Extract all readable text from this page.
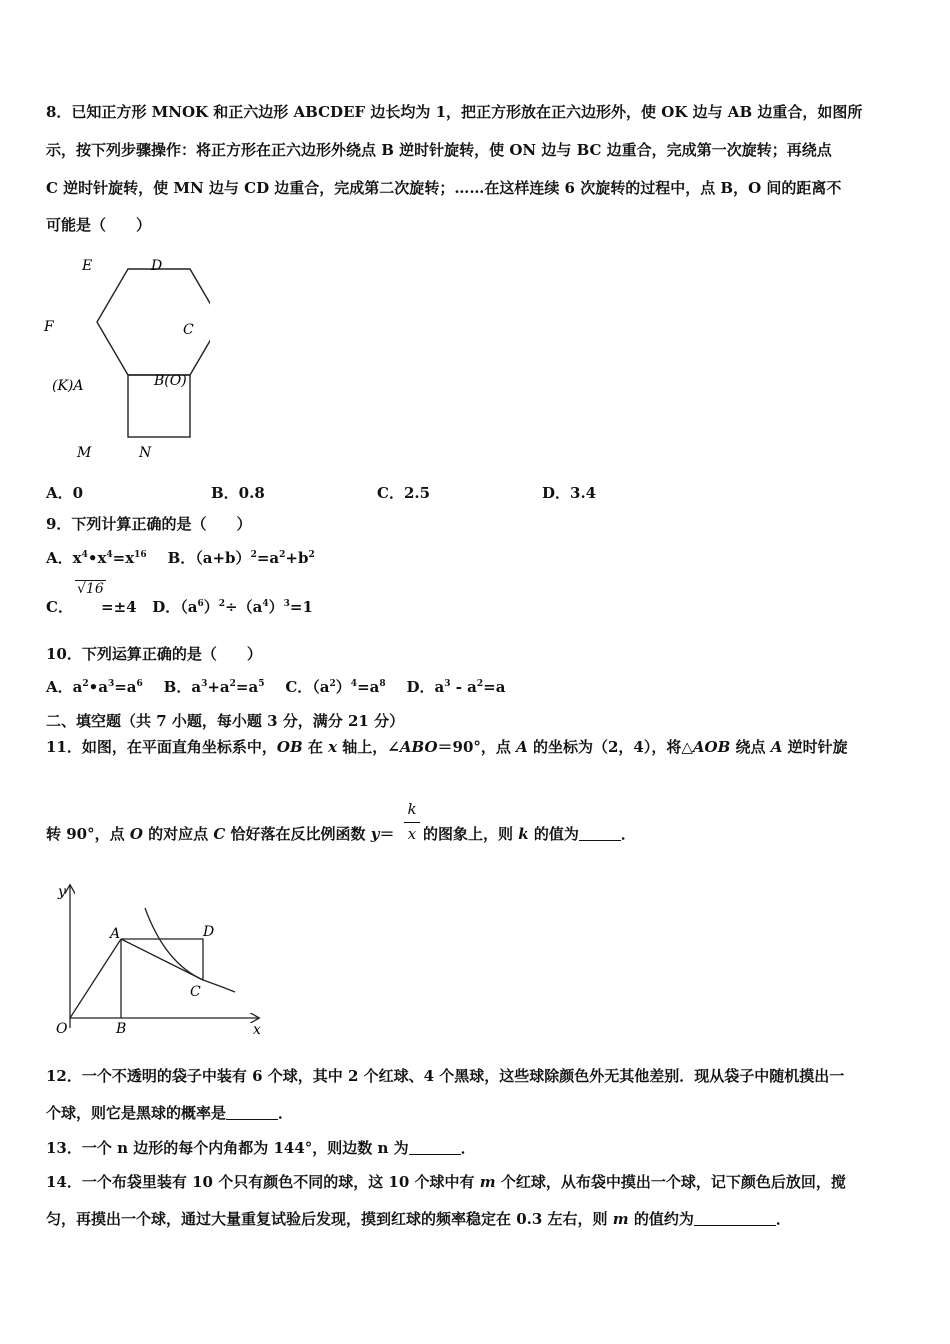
8．已知正方形 MNOK 和正六边形 ABCDEF 边长均为 1，把正方形放在正六边形外，使 OK 边与 AB 边重合，如图所
示，按下列步骤操作：将正方形在正六边形外绕点 B 逆时针旋转，使 ON 边与 BC 边重合，完成第一次旋转；再绕点
C 逆时针旋转，使 MN 边与 CD 边重合，完成第二次旋转；……在这样连续 6 次旋转的过程中，点 B，O 间的距离不
可能是（　　）
E	D
F	C
(K)A	B(O)
M	N
A．0	B．0.8	C．2.5	D．3.4
9．下列计算正确的是（　　）
A．$x^4•x^4=x^{16}$ B．$(a+b)^2=a^2+b^2$
C．
√16
=±4 D．$(a^6)^2\div(a^4)^3=1$
10．下列运算正确的是（　　）
A．$a^2•a^3=a^6$ B．$a^3+a^2=a^5$ C．$(a^2)^4=a^8$ D．$a^3 - a^2=a$
二、填空题（共 7 小题，每小题 3 分，满分 21 分）
11．如图，在平面直角坐标系中，OB 在 x 轴上，∠ABO＝90°，点 A 的坐标为（2，4），将△AOB 绕点 A 逆时针旋
转 90°，点 O 的对应点 C 恰好落在反比例函数 $y= \frac{k}{x}$ 的图象上，则 k 的值为	．
y
x
O	B
A	D
C
12．一个不透明的袋子中装有 6 个球，其中 2 个红球、4 个黑球，这些球除颜色外无其他差别．现从袋子中随机摸出一
个球，则它是黑球的概率是	．
13．一个 n 边形的每个内角都为 144°，则边数 n 为	．
14．一个布袋里装有 10 个只有颜色不同的球，这 10 个球中有 m 个红球，从布袋中摸出一个球，记下颜色后放回，搅
匀，再摸出一个球，通过大量重复试验后发现，摸到红球的频率稳定在 0.3 左右，则 m 的值约为	．
